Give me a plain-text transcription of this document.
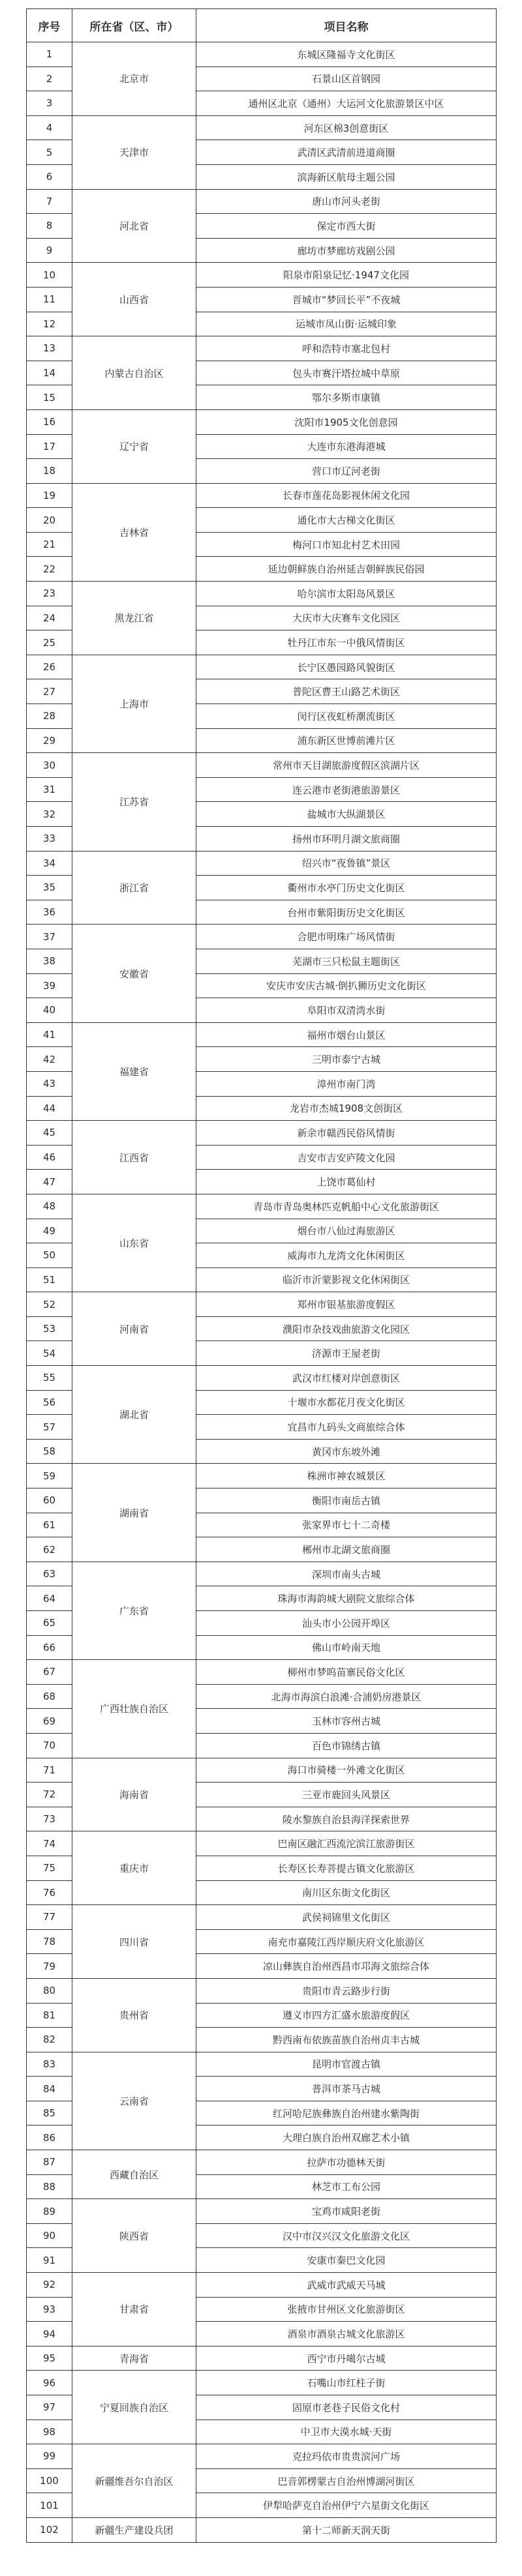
序号	所在省（区、市）	项目名称
1	北京市	东城区隆福寺文化街区
2		石景山区首钢园
3		通州区北京（通州）大运河文化旅游景区中区
4	天津市	河东区棉3创意街区
5		武清区武清前进道商圈
6		滨海新区航母主题公园
7	河北省	唐山市河头老街
8		保定市西大街
9		廊坊市梦廊坊戏剧公园
10	山西省	阳泉市阳泉记忆·1947文化园
11		晋城市“梦回长平”不夜城
12		运城市凤山街·运城印象
13	内蒙古自治区	呼和浩特市塞北包村
14		包头市赛汗塔拉城中草原
15		鄂尔多斯市康镇
16	辽宁省	沈阳市1905文化创意园
17		大连市东港海港城
18		营口市辽河老街
19	吉林省	长春市莲花岛影视休闲文化园
20		通化市大古梯文化街区
21		梅河口市知北村艺术田园
22		延边朝鲜族自治州延吉朝鲜族民俗园
23	黑龙江省	哈尔滨市太阳岛风景区
24		大庆市大庆赛车文化园区
25		牡丹江市东一中俄风情街区
26	上海市	长宁区愚园路风貌街区
27		普陀区曹王山路艺术街区
28		闵行区夜虹桥潮流街区
29		浦东新区世博前滩片区
30	江苏省	常州市天目湖旅游度假区滨湖片区
31		连云港市老街港旅游景区
32		盐城市大纵湖景区
33		扬州市环明月湖文旅商圈
34	浙江省	绍兴市“夜鲁镇”景区
35		衢州市水亭门历史文化街区
36		台州市紫阳街历史文化街区
37	安徽省	合肥市明珠广场风情街
38		芜湖市三只松鼠主题街区
39		安庆市安庆古城·倒扒狮历史文化街区
40		阜阳市双清湾水街
41	福建省	福州市烟台山景区
42		三明市泰宁古城
43		漳州市南门湾
44		龙岩市杰城1908文创街区
45	江西省	新余市赣西民俗风情街
46		吉安市吉安庐陵文化园
47		上饶市葛仙村
48	山东省	青岛市青岛奥林匹克帆船中心文化旅游街区
49		烟台市八仙过海旅游区
50		威海市九龙湾文化休闲街区
51		临沂市沂蒙影视文化休闲街区
52	河南省	郑州市银基旅游度假区
53		濮阳市杂技戏曲旅游文化园区
54		济源市王屋老街
55	湖北省	武汉市红楼对岸创意街区
56		十堰市水都花月夜文化街区
57		宜昌市九码头文商旅综合体
58		黄冈市东坡外滩
59	湖南省	株洲市神农城景区
60		衡阳市南岳古镇
61		张家界市七十二奇楼
62		郴州市北湖文旅商圈
63	广东省	深圳市南头古城
64		珠海市海韵城大剧院文旅综合体
65		汕头市小公园开埠区
66		佛山市岭南天地
67	广西壮族自治区	柳州市梦呜苗寨民俗文化区
68		北海市海滨白浪滩·合浦奶房港景区
69		玉林市容州古城
70		百色市锦绣古镇
71	海南省	海口市骑楼一外滩文化街区
72		三亚市鹿回头风景区
73		陵水黎族自治县海洋探索世界
74	重庆市	巴南区融汇西流沱滨江旅游街区
75		长寿区长寿菩提古镇文化旅游区
76		南川区东街文化街区
77	四川省	武侯祠锦里文化街区
78		南充市嘉陵江西岸顺庆府文化旅游区
79		凉山彝族自治州西昌市邛海文旅综合体
80	贵州省	贵阳市青云路步行街
81		遵义市四方汇盛水旅游度假区
82		黔西南布依族苗族自治州贞丰古城
83	云南省	昆明市官渡古镇
84		普洱市茶马古城
85		红河哈尼族彝族自治州建水紫陶街
86		大理白族自治州双廊艺术小镇
87	西藏自治区	拉萨市功德林天街
88		林芝市工布公园
89	陕西省	宝鸡市咸阳老街
90		汉中市汉兴汉文化旅游文化区
91		安康市秦巴文化园
92	甘肃省	武威市武威天马城
93		张掖市甘州区文化旅游街区
94		酒泉市酒泉古城文化旅游区
95	青海省	西宁市丹噶尔古城
96	宁夏回族自治区	石嘴山市红柱子街
97		固原市老巷子民俗文化村
98		中卫市大漠水城·天街
99	新疆维吾尔自治区	克拉玛依市贵贵滨河广场
100		巴音郭楞蒙古自治州博湖河街区
101		伊犁哈萨克自治州伊宁六星街文化街区
102	新疆生产建设兵团	第十二师新天润天街
